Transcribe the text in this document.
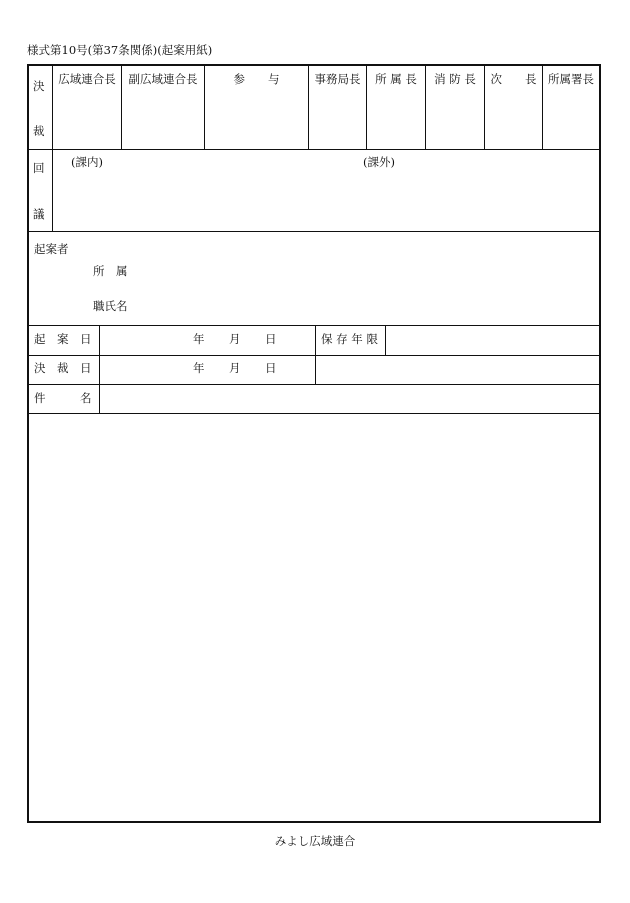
様式第10号(第37条関係)(起案用紙)
決
裁
広域連合長	副広域連合長	参　　与	事務局長	所 属 長	消 防 長	次　　長	所属署長
回
議
(課内)	(課外)
起案者
所　属
職氏名
起　案　日	年 月 日	保 存 年 限
決　裁　日	年 月 日
件　　　名
みよし広域連合
